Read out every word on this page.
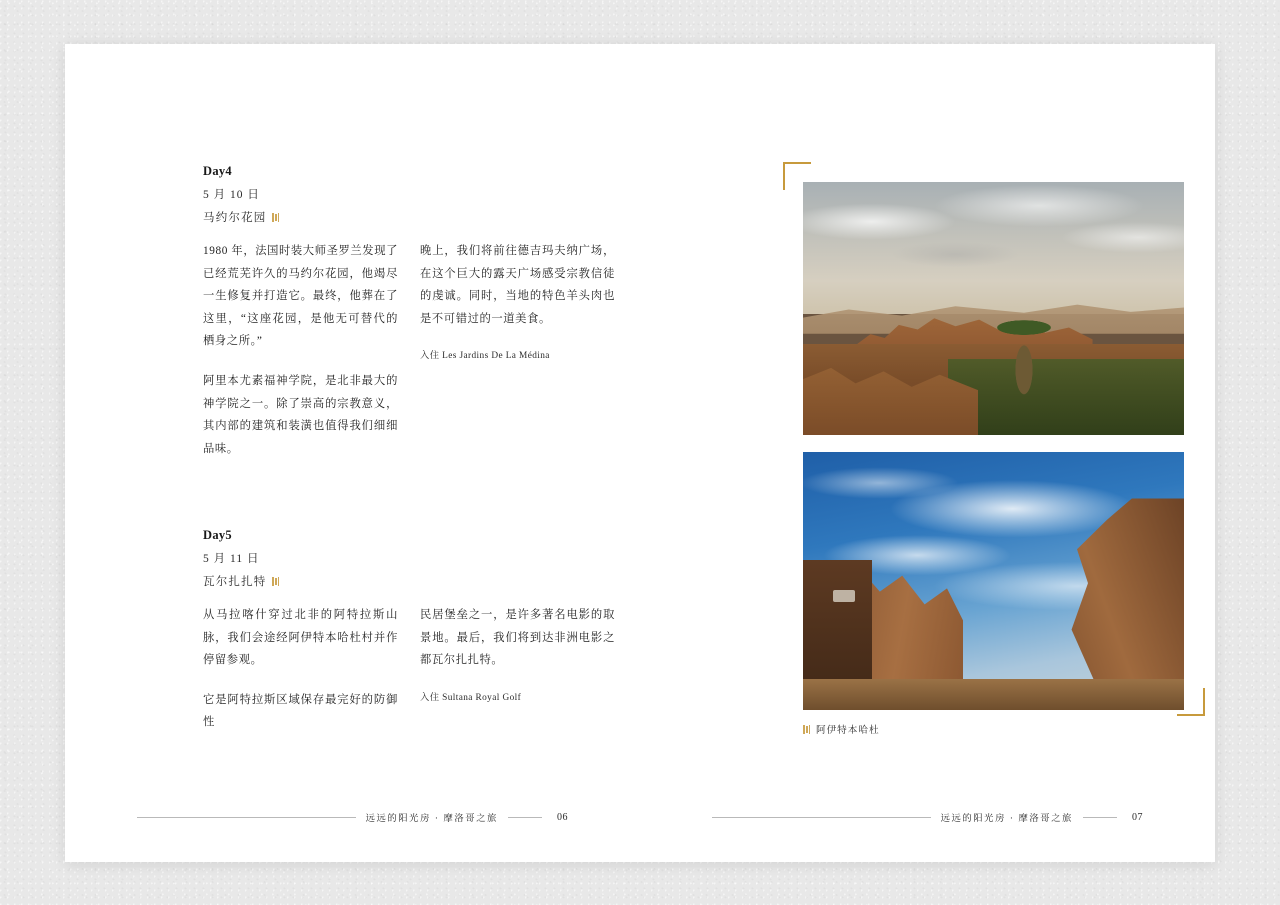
Day4
5 月 10 日
马约尔花园

1980 年，法国时装大师圣罗兰发现了已经荒芜许久的马约尔花园，他竭尽一生修复并打造它。最终，他葬在了这里，“这座花园，是他无可替代的栖身之所。”

阿里本尤素福神学院，是北非最大的神学院之一。除了崇高的宗教意义，其内部的建筑和装潢也值得我们细细品味。

晚上，我们将前往德吉玛夫纳广场，在这个巨大的露天广场感受宗教信徒的虔诚。同时，当地的特色羊头肉也是不可错过的一道美食。

入住 Les Jardins De La Médina

Day5
5 月 11 日
瓦尔扎扎特

从马拉喀什穿过北非的阿特拉斯山脉，我们会途经阿伊特本哈杜村并作停留参观。

它是阿特拉斯区域保存最完好的防御性

民居堡垒之一，是许多著名电影的取景地。最后，我们将到达非洲电影之都瓦尔扎扎特。

入住 Sultana Royal Golf

远远的阳光房 · 摩洛哥之旅	06
阿伊特本哈杜
远远的阳光房 · 摩洛哥之旅	07
